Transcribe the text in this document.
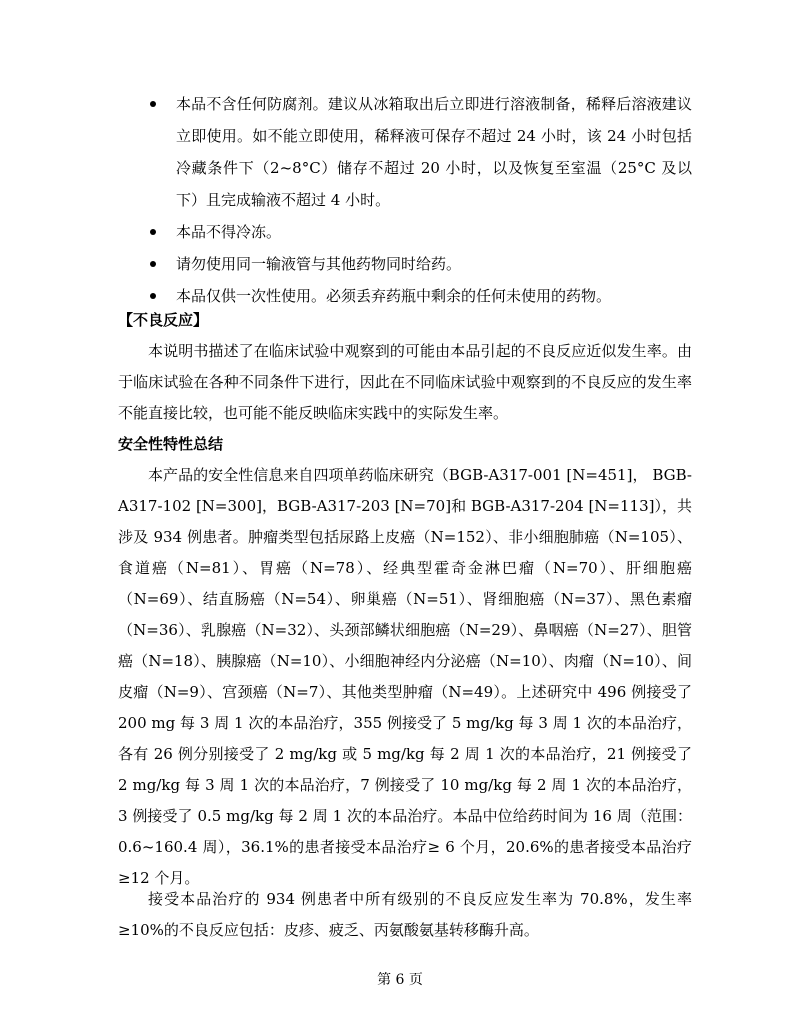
本品不含任何防腐剂。建议从冰箱取出后立即进行溶液制备，稀释后溶液建议立即使用。如不能立即使用，稀释液可保存不超过 24 小时，该 24 小时包括冷藏条件下（2~8°C）储存不超过 20 小时，以及恢复至室温（25°C 及以下）且完成输液不超过 4 小时。
本品不得冷冻。
请勿使用同一输液管与其他药物同时给药。
本品仅供一次性使用。必须丢弃药瓶中剩余的任何未使用的药物。
【不良反应】

本说明书描述了在临床试验中观察到的可能由本品引起的不良反应近似发生率。由于临床试验在各种不同条件下进行，因此在不同临床试验中观察到的不良反应的发生率不能直接比较，也可能不能反映临床实践中的实际发生率。

安全性特性总结

本产品的安全性信息来自四项单药临床研究（BGB-A317-001 [N=451]， BGB-A317-102 [N=300]，BGB-A317-203 [N=70]和 BGB-A317-204 [N=113]），共涉及 934 例患者。肿瘤类型包括尿路上皮癌（N=152）、非小细胞肺癌（N=105）、食道癌（N=81）、胃癌（N=78）、经典型霍奇金淋巴瘤（N=70）、肝细胞癌（N=69）、结直肠癌（N=54）、卵巢癌（N=51）、肾细胞癌（N=37）、黑色素瘤（N=36）、乳腺癌（N=32）、头颈部鳞状细胞癌（N=29）、鼻咽癌（N=27）、胆管癌（N=18）、胰腺癌（N=10）、小细胞神经内分泌癌（N=10）、肉瘤（N=10）、间皮瘤（N=9）、宫颈癌（N=7）、其他类型肿瘤（N=49）。上述研究中 496 例接受了 200 mg 每 3 周 1 次的本品治疗，355 例接受了 5 mg/kg 每 3 周 1 次的本品治疗，各有 26 例分别接受了 2 mg/kg 或 5 mg/kg 每 2 周 1 次的本品治疗，21 例接受了 2 mg/kg 每 3 周 1 次的本品治疗，7 例接受了 10 mg/kg 每 2 周 1 次的本品治疗，3 例接受了 0.5 mg/kg 每 2 周 1 次的本品治疗。本品中位给药时间为 16 周（范围：0.6~160.4 周），36.1%的患者接受本品治疗≥ 6 个月，20.6%的患者接受本品治疗≥12 个月。

接受本品治疗的 934 例患者中所有级别的不良反应发生率为 70.8%，发生率≥10%的不良反应包括：皮疹、疲乏、丙氨酸氨基转移酶升高。

第 6 页
